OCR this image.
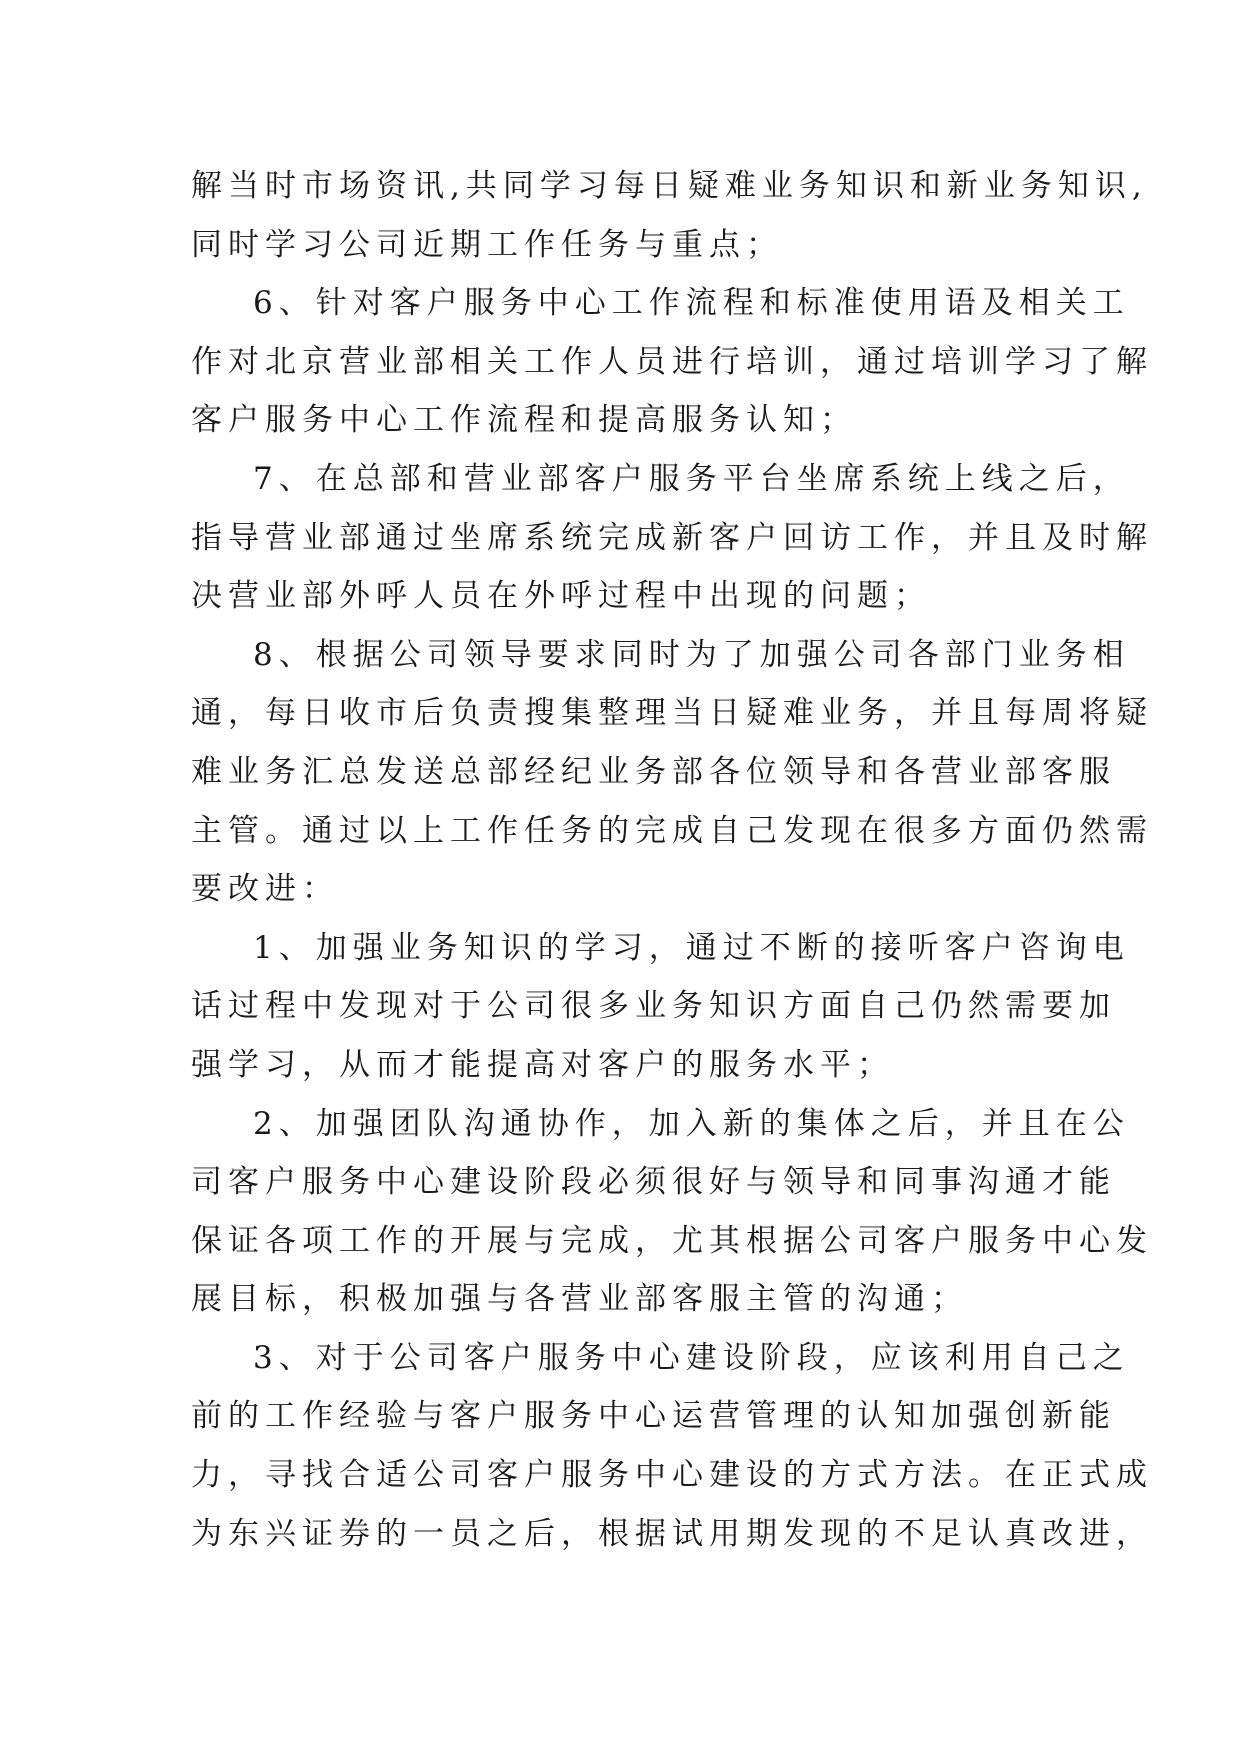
解当时市场资讯,共同学习每日疑难业务知识和新业务知识,
同时学习公司近期工作任务与重点；
6、针对客户服务中心工作流程和标准使用语及相关工
作对北京营业部相关工作人员进行培训，通过培训学习了解
客户服务中心工作流程和提高服务认知；
7、在总部和营业部客户服务平台坐席系统上线之后，
指导营业部通过坐席系统完成新客户回访工作，并且及时解
决营业部外呼人员在外呼过程中出现的问题；
8、根据公司领导要求同时为了加强公司各部门业务相
通，每日收市后负责搜集整理当日疑难业务，并且每周将疑
难业务汇总发送总部经纪业务部各位领导和各营业部客服
主管。通过以上工作任务的完成自己发现在很多方面仍然需
要改进：
1、加强业务知识的学习，通过不断的接听客户咨询电
话过程中发现对于公司很多业务知识方面自己仍然需要加
强学习，从而才能提高对客户的服务水平；
2、加强团队沟通协作，加入新的集体之后，并且在公
司客户服务中心建设阶段必须很好与领导和同事沟通才能
保证各项工作的开展与完成，尤其根据公司客户服务中心发
展目标，积极加强与各营业部客服主管的沟通；
3、对于公司客户服务中心建设阶段，应该利用自己之
前的工作经验与客户服务中心运营管理的认知加强创新能
力，寻找合适公司客户服务中心建设的方式方法。在正式成
为东兴证券的一员之后，根据试用期发现的不足认真改进，
